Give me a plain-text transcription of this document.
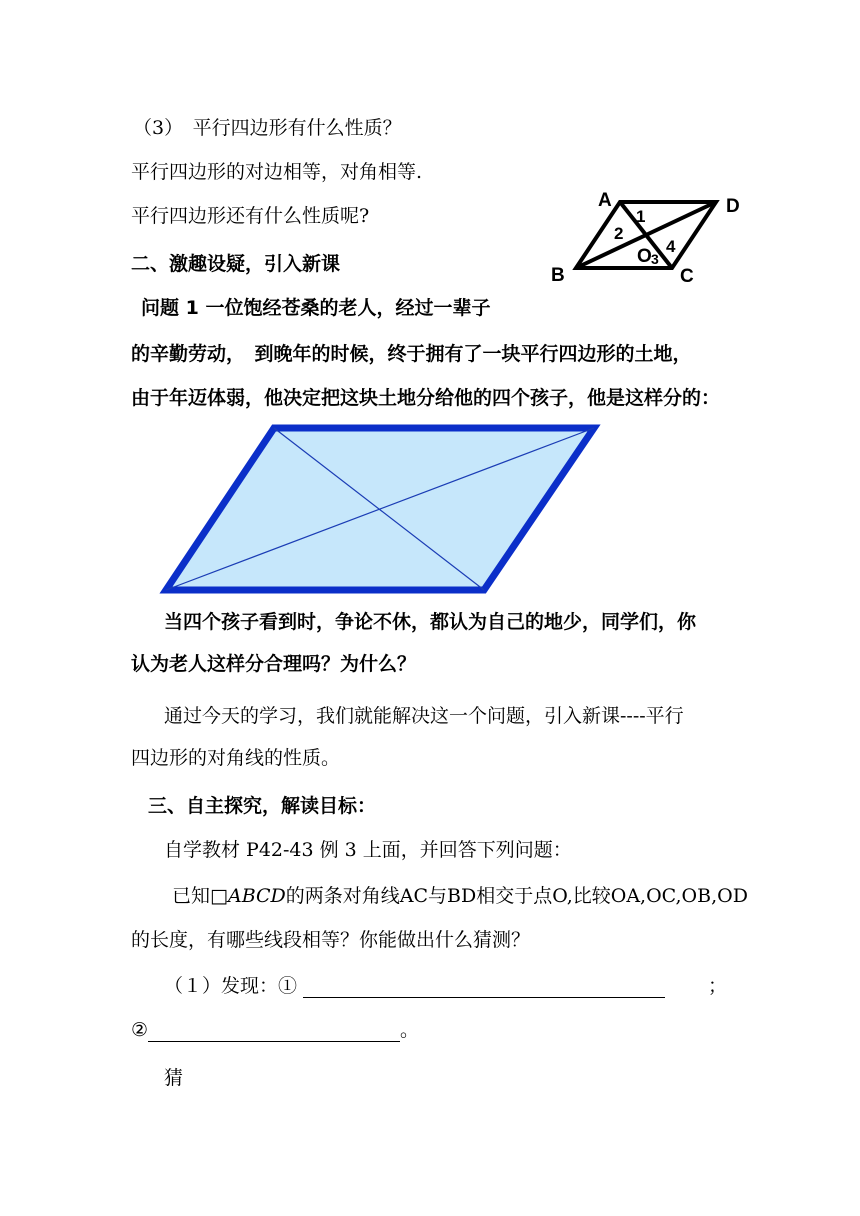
（3）　平行四边形有什么性质？
平行四边形的对边相等，对角相等.
平行四边形还有什么性质呢?
二、激趣设疑，引入新课
问题 1 一位饱经苍桑的老人，经过一辈子
的辛勤劳动，　到晚年的时候，终于拥有了一块平行四边形的土地，
由于年迈体弱，他决定把这块土地分给他的四个孩子，他是这样分的：
A	D
B	C
O
1
2
3
4
当四个孩子看到时，争论不休，都认为自己的地少，同学们，你
认为老人这样分合理吗？为什么？
通过今天的学习，我们就能解决这一个问题，引入新课----平行
四边形的对角线的性质。
三、自主探究，解读目标：
自学教材 P42-43 例 3 上面，并回答下列问题：
已知□ABCD的两条对角线AC与BD相交于点O,比较OA,OC,OB,OD
的长度，有哪些线段相等？你能做出什么猜测？
（１）发现：①	；
②	。
猜
